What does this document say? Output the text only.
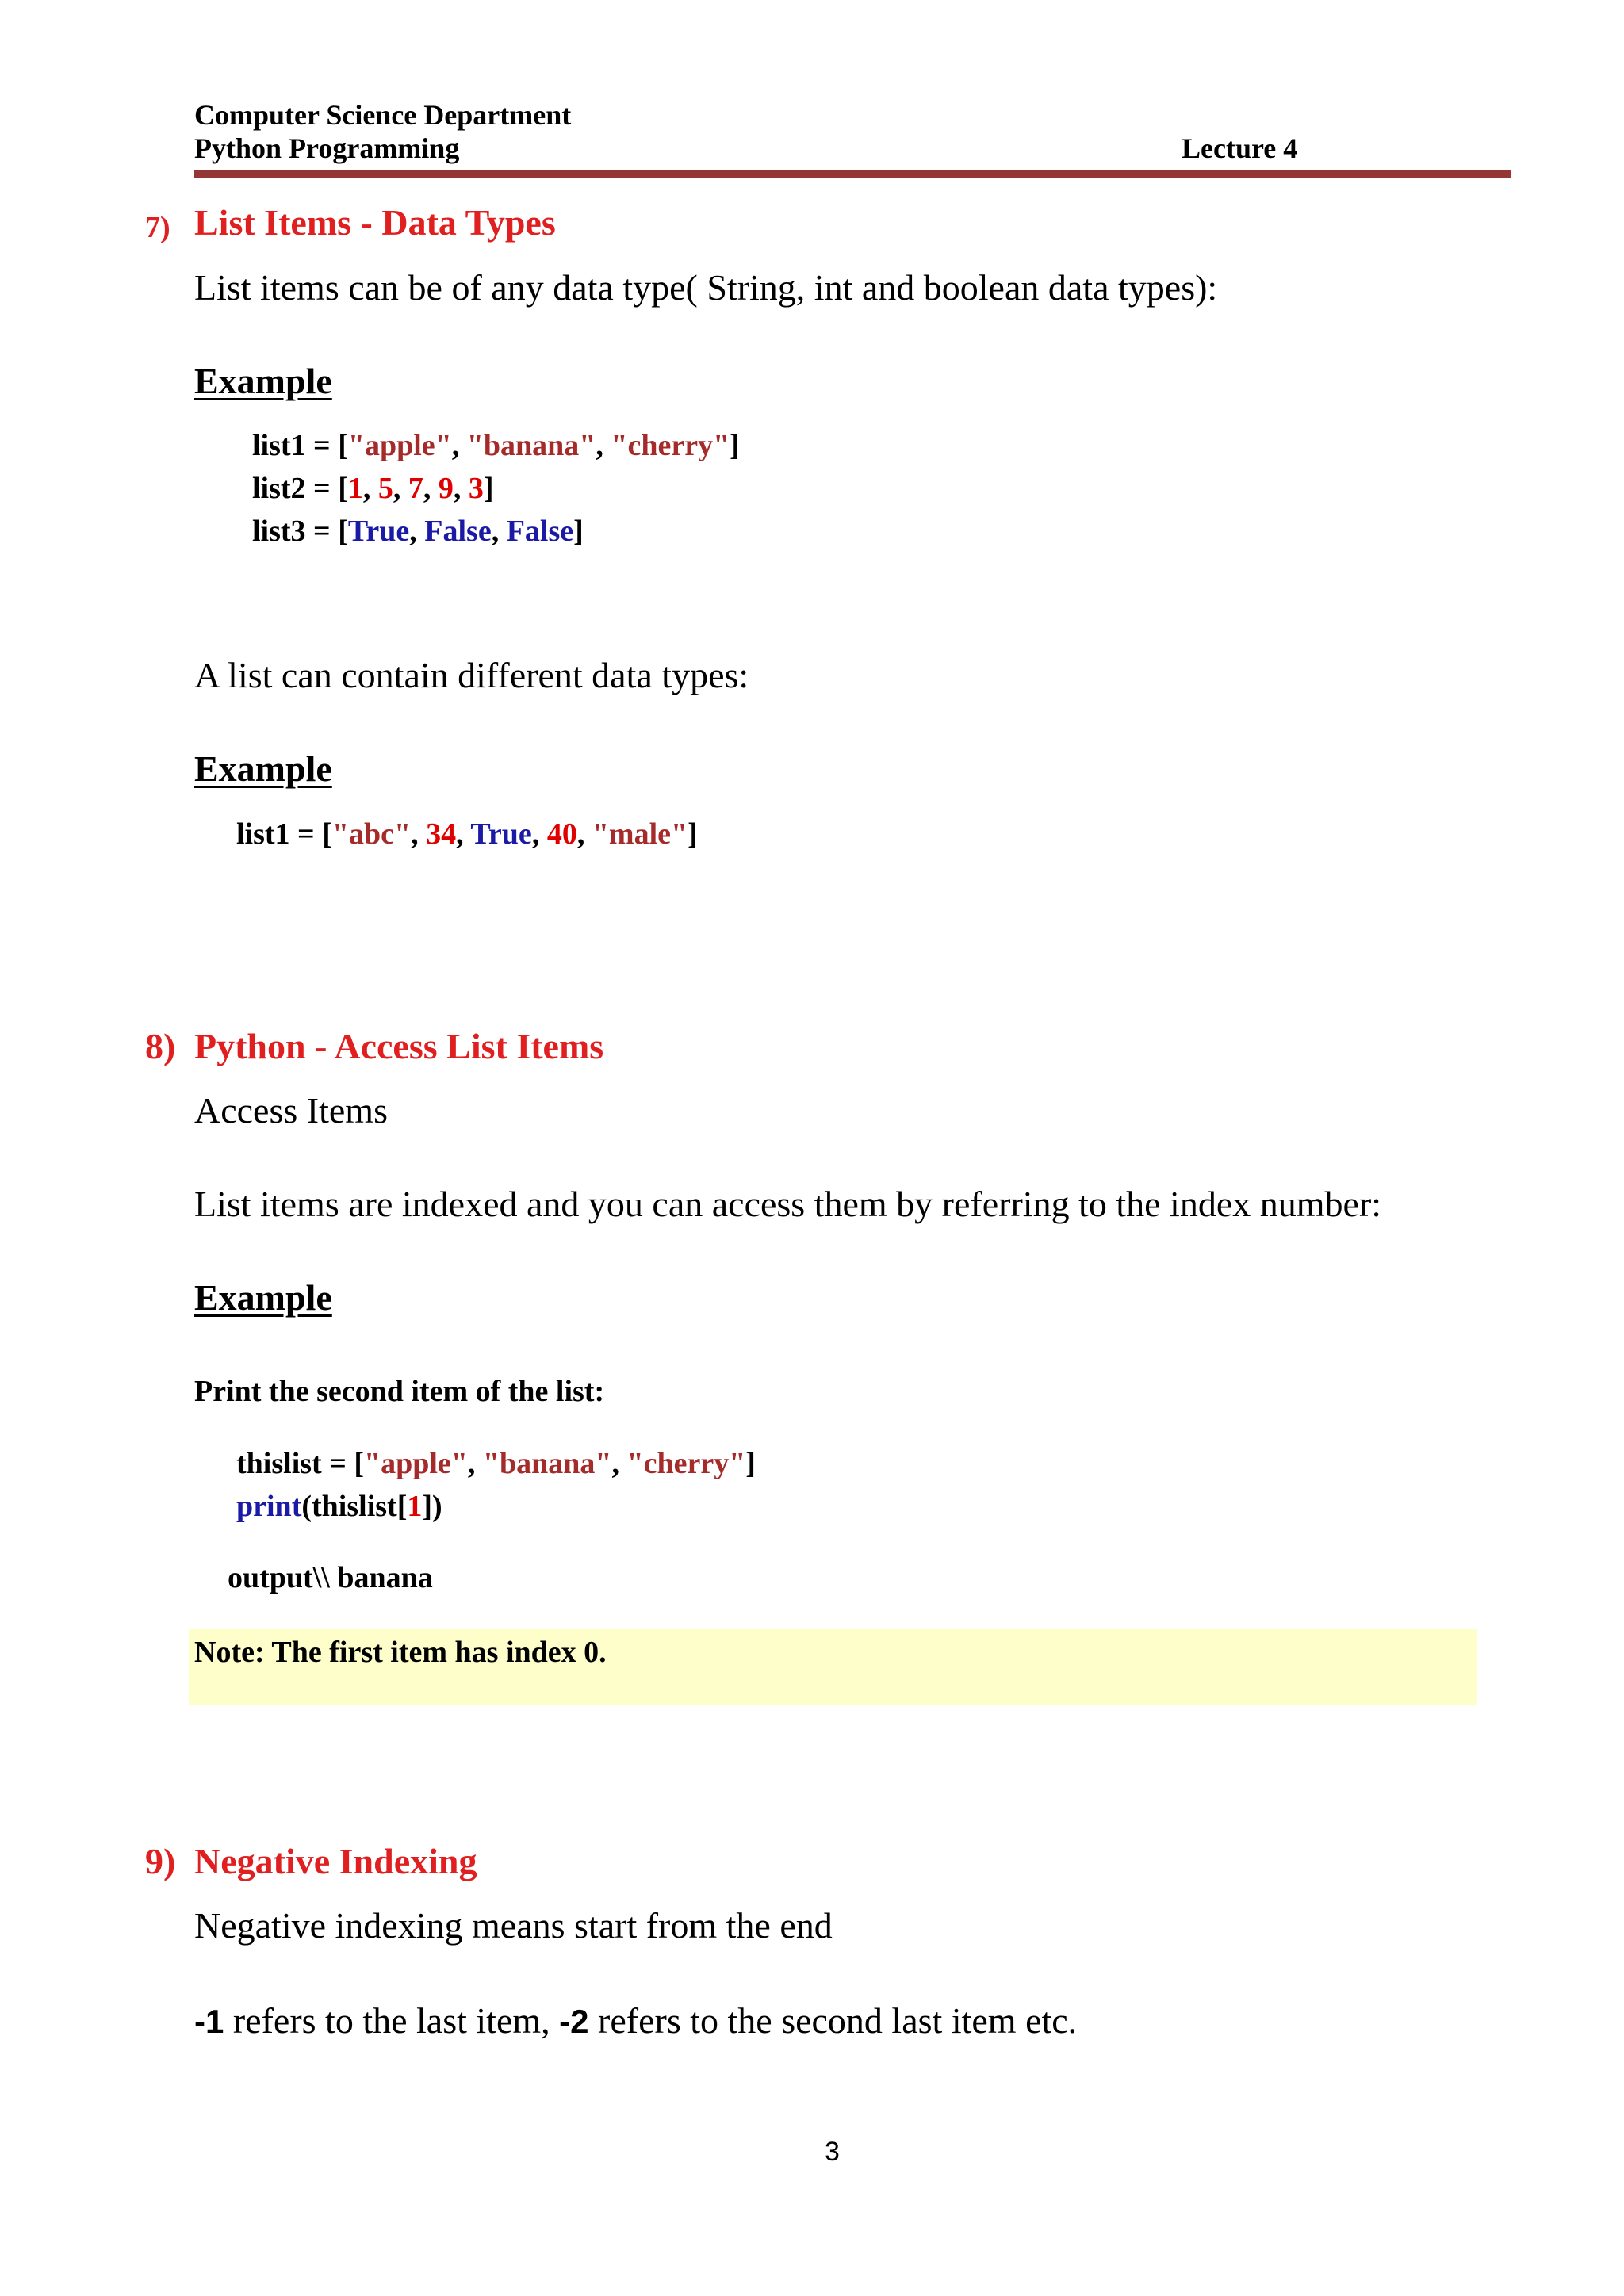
Computer Science Department
Python Programming	Lecture 4
7) List Items - Data Types
List items can be of any data type( String, int and boolean data types):
Example
list1 = ["apple", "banana", "cherry"]
list2 = [1, 5, 7, 9, 3]
list3 = [True, False, False]
A list can contain different data types:
Example
list1 = ["abc", 34, True, 40, "male"]
8) Python - Access List Items
Access Items
List items are indexed and you can access them by referring to the index number:
Example
Print the second item of the list:
thislist = ["apple", "banana", "cherry"]
print(thislist[1])
output\\ banana
Note: The first item has index 0.
9) Negative Indexing
Negative indexing means start from the end
-1 refers to the last item, -2 refers to the second last item etc.
3
